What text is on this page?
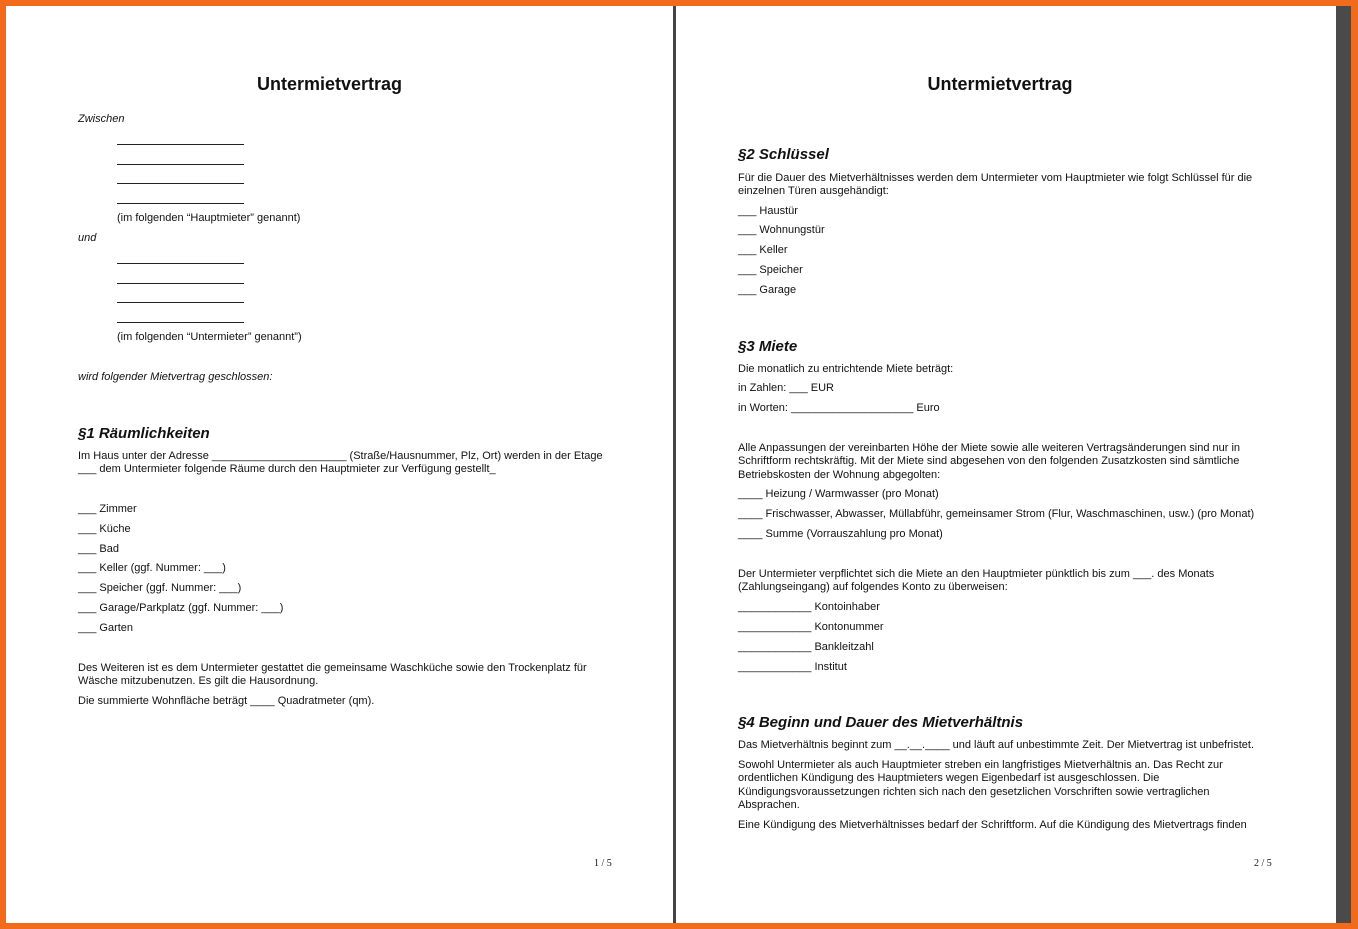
Untermietvertrag
Zwischen
(im folgenden “Hauptmieter” genannt)
und
(im folgenden “Untermieter” genannt”)
wird folgender Mietvertrag geschlossen:
§1 Räumlichkeiten
Im Haus unter der Adresse ______________________ (Straße/Hausnummer, Plz, Ort) werden in der Etage
___ dem Untermieter folgende Räume durch den Hauptmieter zur Verfügung gestellt_
___ Zimmer
___ Küche
___ Bad
___ Keller (ggf. Nummer: ___)
___ Speicher (ggf. Nummer: ___)
___ Garage/Parkplatz (ggf. Nummer: ___)
___ Garten
Des Weiteren ist es dem Untermieter gestattet die gemeinsame Waschküche sowie den Trockenplatz für
Wäsche mitzubenutzen. Es gilt die Hausordnung.
Die summierte Wohnfläche beträgt ____ Quadratmeter (qm).
1 / 5
Untermietvertrag
§2 Schlüssel
Für die Dauer des Mietverhältnisses werden dem Untermieter vom Hauptmieter wie folgt Schlüssel für die
einzelnen Türen ausgehändigt:
___ Haustür
___ Wohnungstür
___ Keller
___ Speicher
___ Garage
§3 Miete
Die monatlich zu entrichtende Miete beträgt:
in Zahlen: ___ EUR
in Worten: ____________________ Euro
Alle Anpassungen der vereinbarten Höhe der Miete sowie alle weiteren Vertragsänderungen sind nur in
Schriftform rechtskräftig. Mit der Miete sind abgesehen von den folgenden Zusatzkosten sind sämtliche
Betriebskosten der Wohnung abgegolten:
____ Heizung / Warmwasser (pro Monat)
____ Frischwasser, Abwasser, Müllabführ, gemeinsamer Strom (Flur, Waschmaschinen, usw.) (pro Monat)
____ Summe (Vorrauszahlung pro Monat)
Der Untermieter verpflichtet sich die Miete an den Hauptmieter pünktlich bis zum ___. des Monats
(Zahlungseingang) auf folgendes Konto zu überweisen:
____________ Kontoinhaber
____________ Kontonummer
____________ Bankleitzahl
____________ Institut
§4 Beginn und Dauer des Mietverhältnis
Das Mietverhältnis beginnt zum __.__.____ und läuft auf unbestimmte Zeit. Der Mietvertrag ist unbefristet.
Sowohl Untermieter als auch Hauptmieter streben ein langfristiges Mietverhältnis an. Das Recht zur
ordentlichen Kündigung des Hauptmieters wegen Eigenbedarf ist ausgeschlossen. Die
Kündigungsvoraussetzungen richten sich nach den gesetzlichen Vorschriften sowie vertraglichen
Absprachen.
Eine Kündigung des Mietverhältnisses bedarf der Schriftform. Auf die Kündigung des Mietvertrags finden
2 / 5
